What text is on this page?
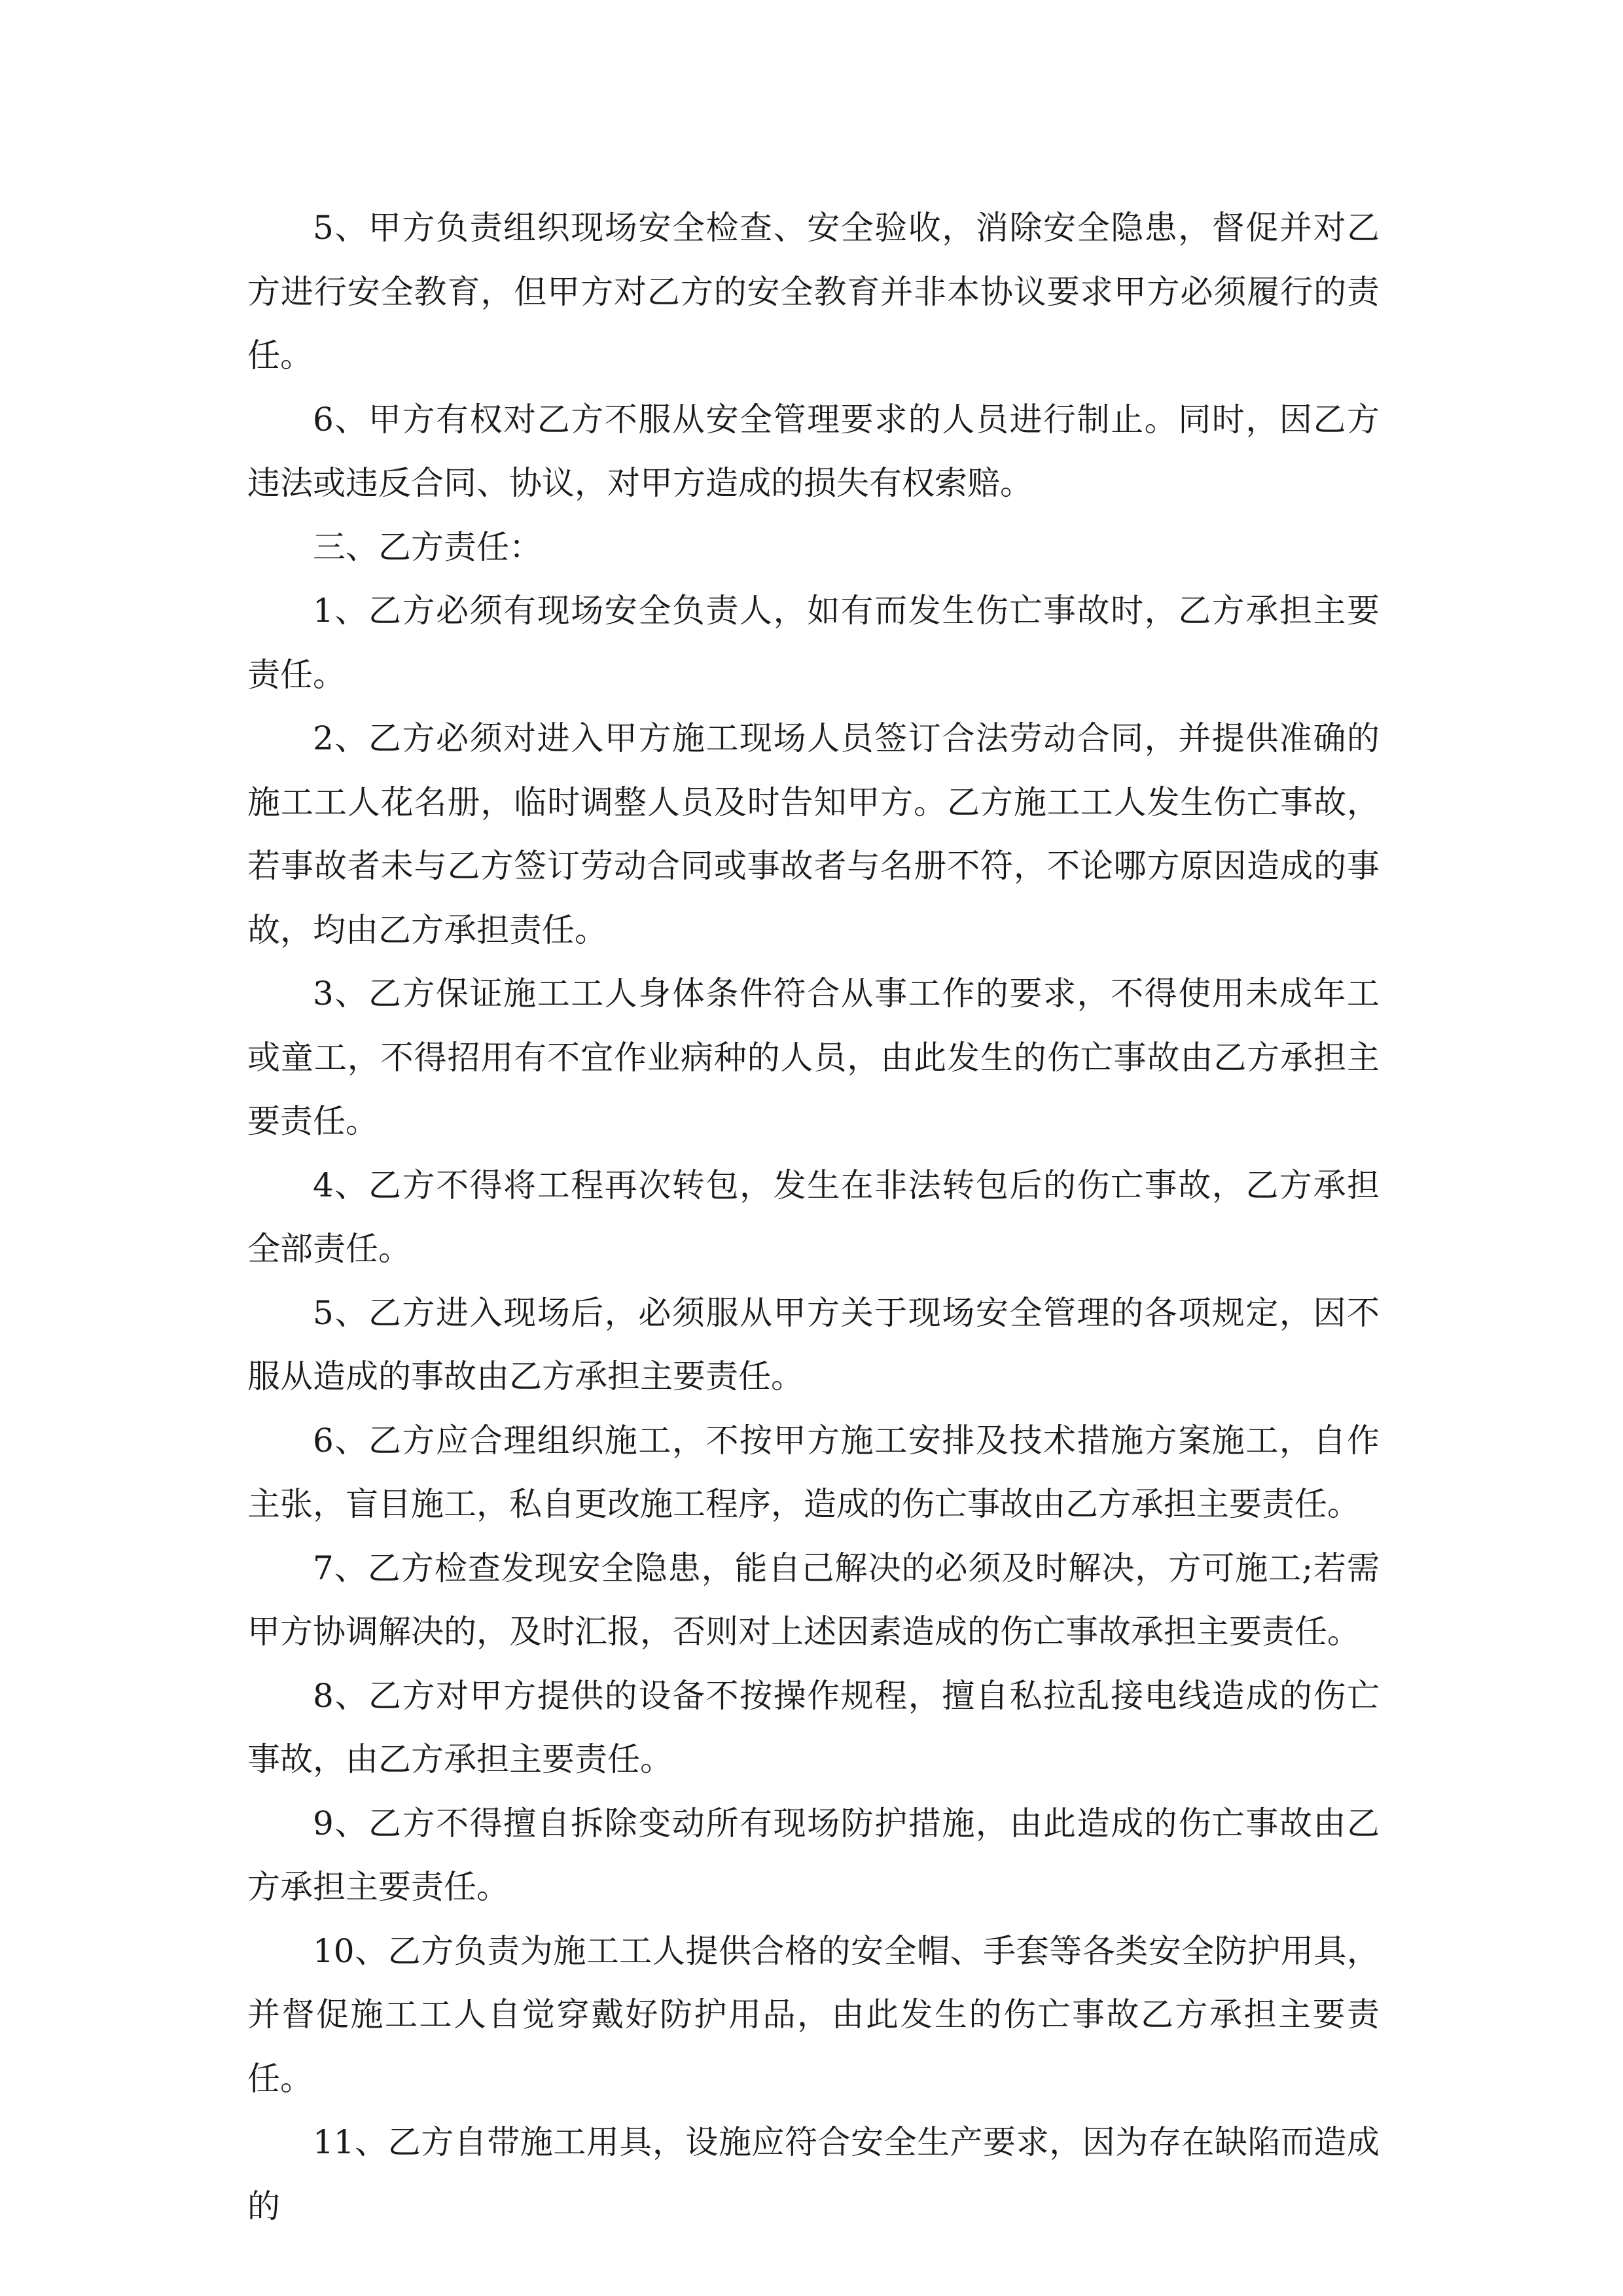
5、甲方负责组织现场安全检查、安全验收，消除安全隐患，督促并对乙方进行安全教育，但甲方对乙方的安全教育并非本协议要求甲方必须履行的责任。

6、甲方有权对乙方不服从安全管理要求的人员进行制止。同时，因乙方违法或违反合同、协议，对甲方造成的损失有权索赔。

三、乙方责任：

1、乙方必须有现场安全负责人，如有而发生伤亡事故时，乙方承担主要责任。

2、乙方必须对进入甲方施工现场人员签订合法劳动合同，并提供准确的施工工人花名册，临时调整人员及时告知甲方。乙方施工工人发生伤亡事故，若事故者未与乙方签订劳动合同或事故者与名册不符，不论哪方原因造成的事故，均由乙方承担责任。

3、乙方保证施工工人身体条件符合从事工作的要求，不得使用未成年工或童工，不得招用有不宜作业病种的人员，由此发生的伤亡事故由乙方承担主要责任。

4、乙方不得将工程再次转包，发生在非法转包后的伤亡事故，乙方承担全部责任。

5、乙方进入现场后，必须服从甲方关于现场安全管理的各项规定，因不服从造成的事故由乙方承担主要责任。

6、乙方应合理组织施工，不按甲方施工安排及技术措施方案施工，自作主张，盲目施工，私自更改施工程序，造成的伤亡事故由乙方承担主要责任。

7、乙方检查发现安全隐患，能自己解决的必须及时解决，方可施工;若需甲方协调解决的，及时汇报，否则对上述因素造成的伤亡事故承担主要责任。

8、乙方对甲方提供的设备不按操作规程，擅自私拉乱接电线造成的伤亡事故，由乙方承担主要责任。

9、乙方不得擅自拆除变动所有现场防护措施，由此造成的伤亡事故由乙方承担主要责任。

10、乙方负责为施工工人提供合格的安全帽、手套等各类安全防护用具，并督促施工工人自觉穿戴好防护用品，由此发生的伤亡事故乙方承担主要责任。

11、乙方自带施工用具，设施应符合安全生产要求，因为存在缺陷而造成的
